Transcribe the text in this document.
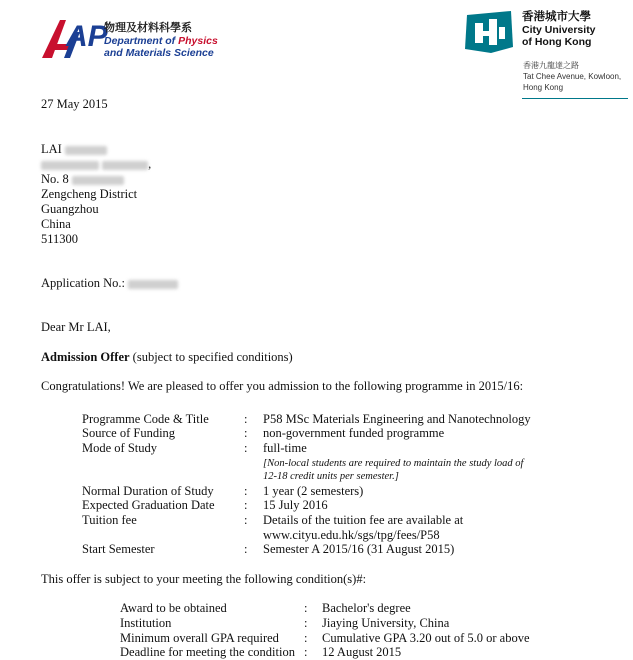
AP
物理及材料科學系
Department of Physics
and Materials Science
香港城市大學
City University
of Hong Kong
香港九龍達之路
Tat Chee Avenue, Kowloon,
Hong Kong
27 May 2015
LAI
,
No. 8
Zengcheng District
Guangzhou
China
511300
Application No.:
Dear Mr LAI,
Admission Offer (subject to specified conditions)
Congratulations! We are pleased to offer you admission to the following programme in 2015/16:
Programme Code & Title	: P58 MSc Materials Engineering and Nanotechnology
Source of Funding	: non-government funded programme
Mode of Study	: full-time
[Non-local students are required to maintain the study load of
12-18 credit units per semester.]
Normal Duration of Study : 1 year (2 semesters)
Expected Graduation Date : 15 July 2016
Tuition fee	: Details of the tuition fee are available at
www.cityu.edu.hk/sgs/tpg/fees/P58
Start Semester	: Semester A 2015/16 (31 August 2015)
This offer is subject to your meeting the following condition(s)#:
Award to be obtained	: Bachelor's degree
Institution	: Jiaying University, China
Minimum overall GPA required : Cumulative GPA 3.20 out of 5.0 or above
Deadline for meeting the condition : 12 August 2015
